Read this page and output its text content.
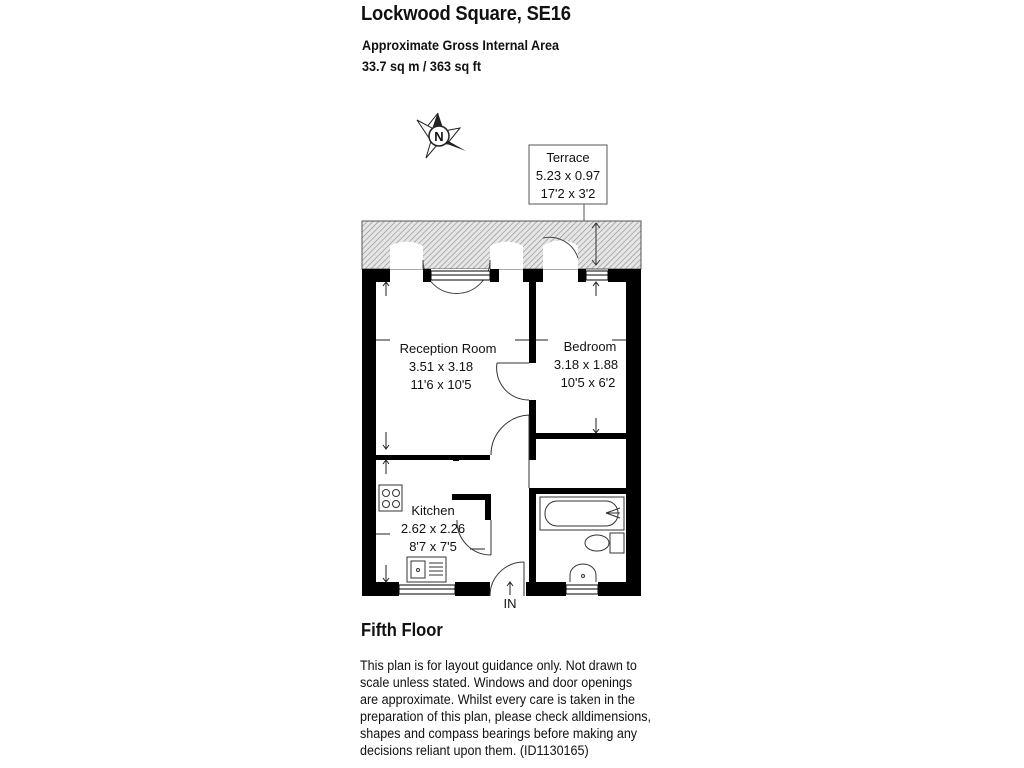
Lockwood Square, SE16
Approximate Gross Internal Area
33.7 sq m / 363 sq ft
N
Terrace
5.23 x 0.97
17'2 x 3'2
Reception Room
3.51 x 3.18
11'6 x 10'5
Bedroom
3.18 x 1.88
10'5 x 6'2
Kitchen
2.62 x 2.26
8'7 x 7'5
IN
Fifth Floor
This plan is for layout guidance only. Not drawn to
scale unless stated. Windows and door openings
are approximate. Whilst every care is taken in the
preparation of this plan, please check alldimensions,
shapes and compass bearings before making any
decisions reliant upon them. (ID1130165)
